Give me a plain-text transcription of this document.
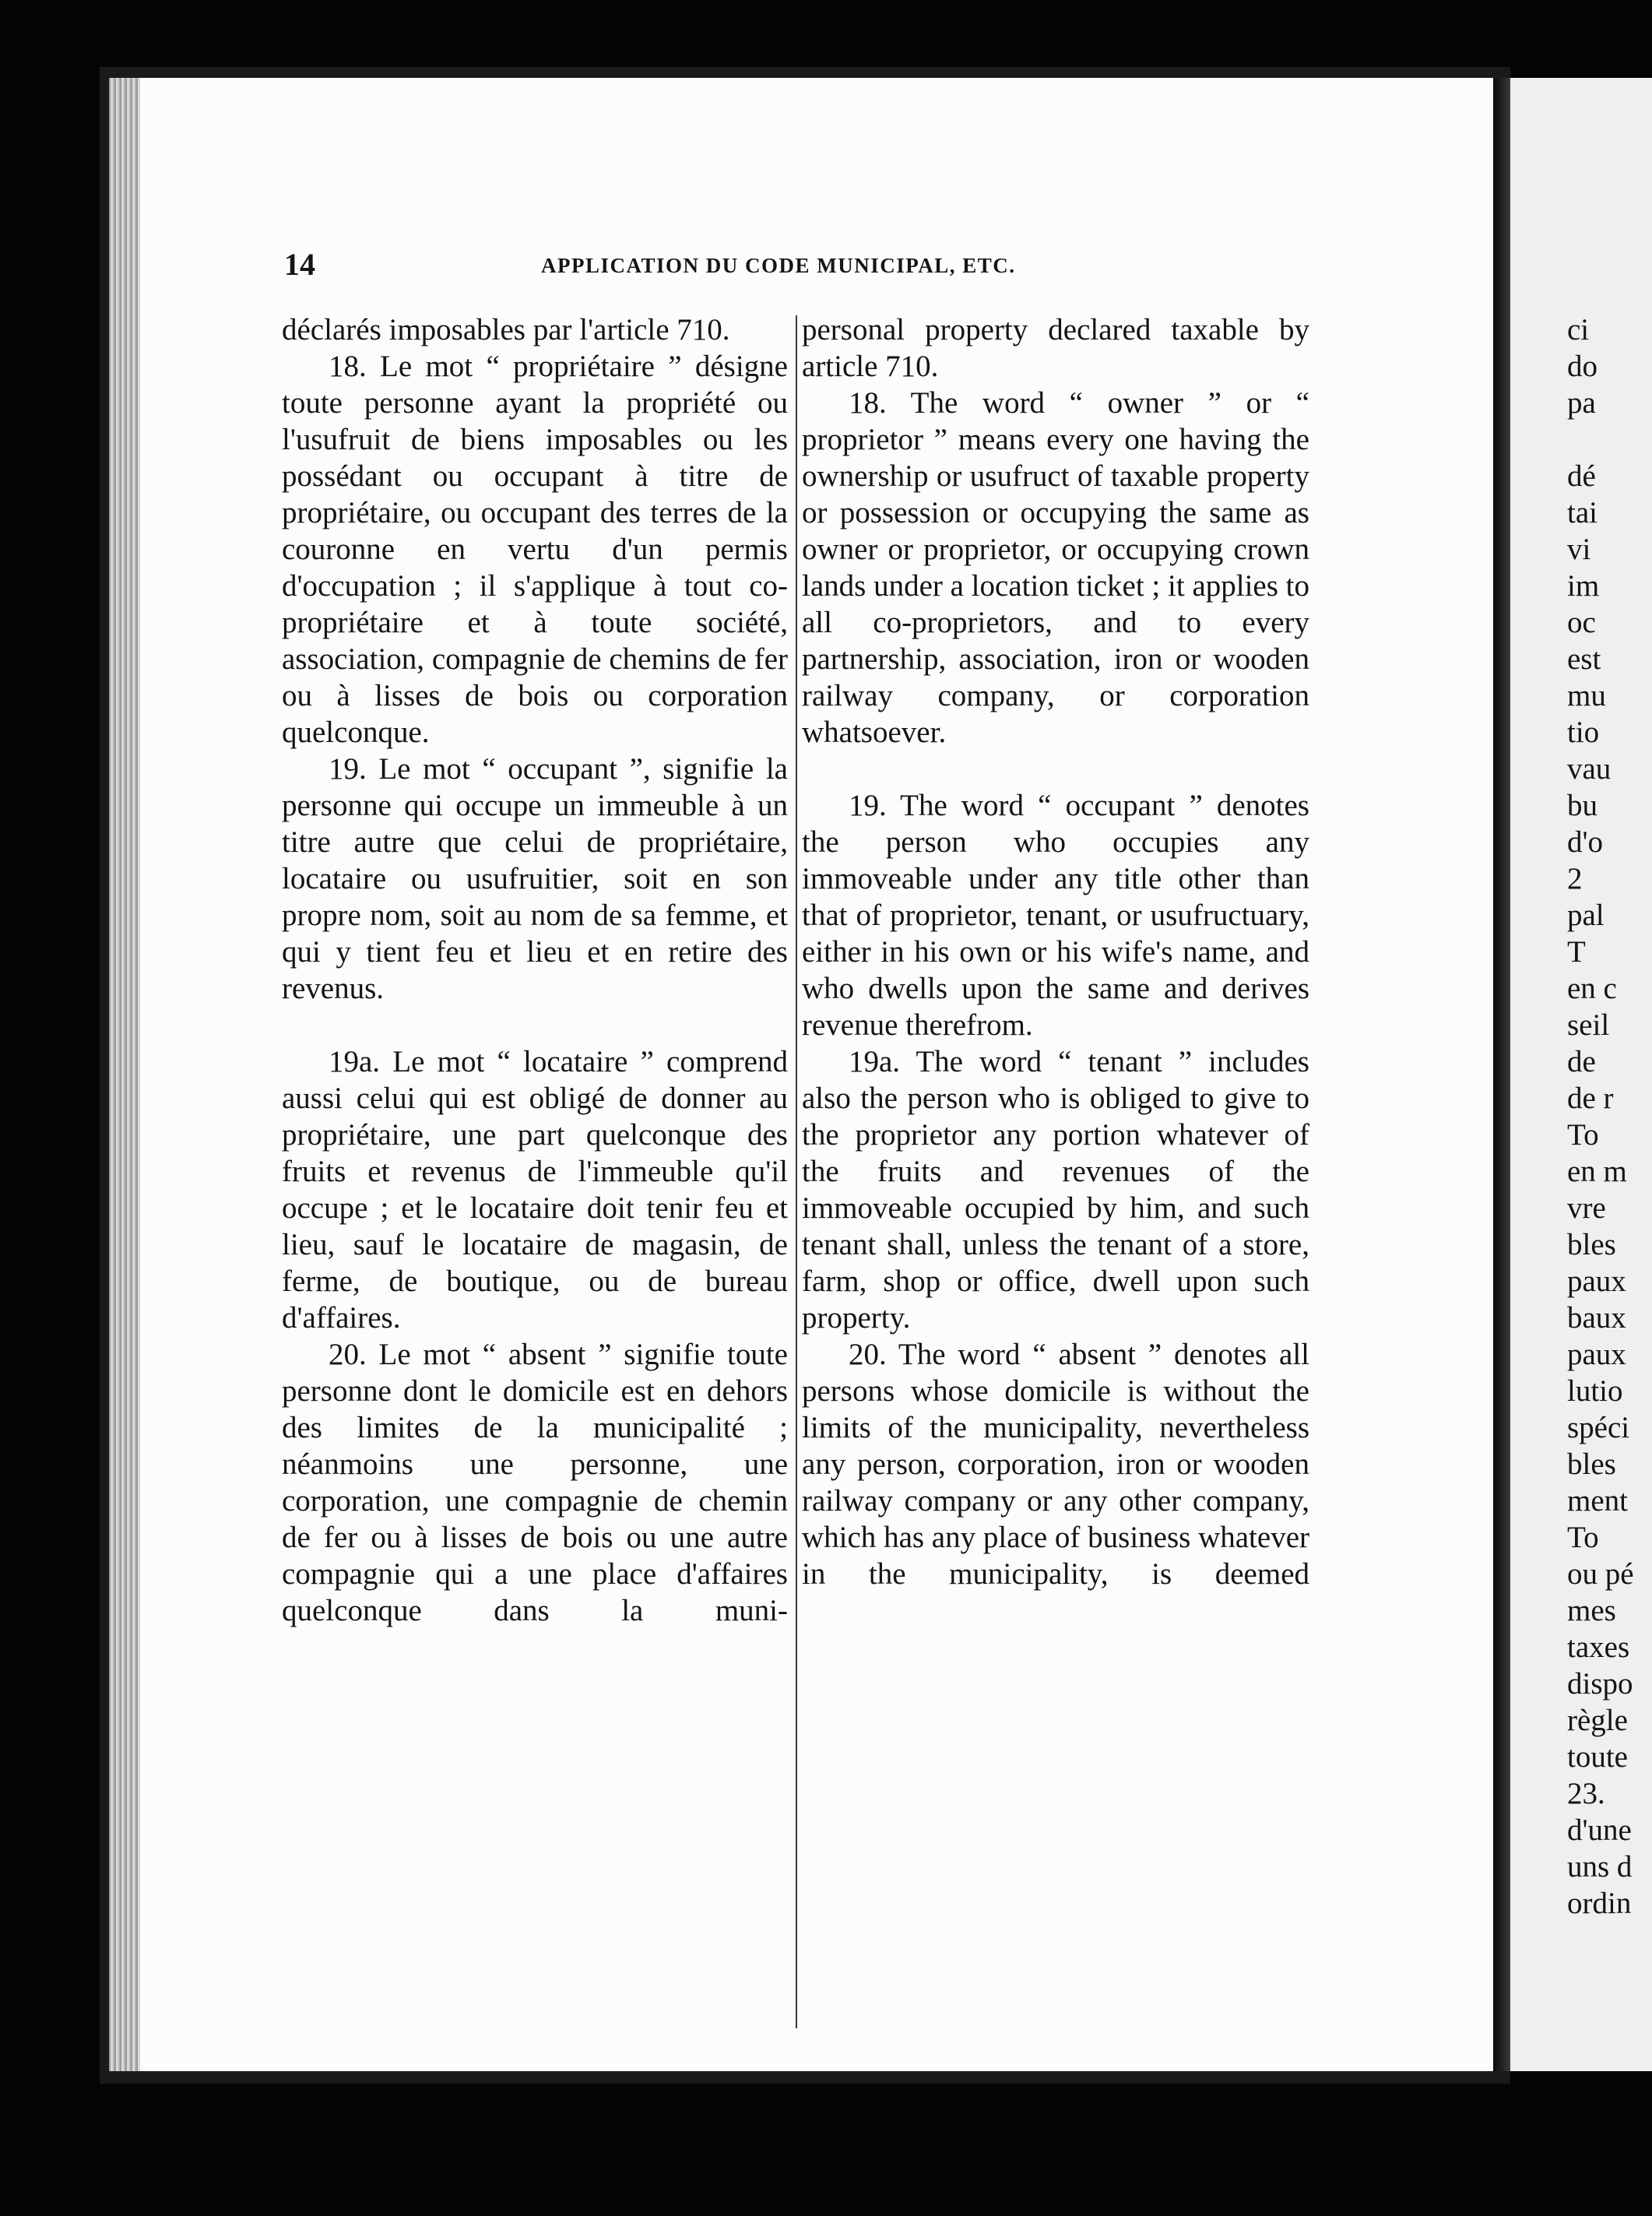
14	APPLICATION DU CODE MUNICIPAL, ETC.

déclarés imposables par l'article 710.

18. Le mot “ propriétaire ” désigne toute personne ayant la propriété ou l'usufruit de biens imposables ou les possédant ou occupant à titre de propriétaire, ou occupant des terres de la couronne en vertu d'un permis d'occupation ; il s'applique à tout co-propriétaire et à toute société, association, compagnie de chemins de fer ou à lisses de bois ou corporation quelconque.

19. Le mot “ occupant ”, signifie la personne qui occupe un immeuble à un titre autre que celui de propriétaire, locataire ou usufruitier, soit en son propre nom, soit au nom de sa femme, et qui y tient feu et lieu et en retire des revenus.

19a. Le mot “ locataire ” comprend aussi celui qui est obligé de donner au propriétaire, une part quelconque des fruits et revenus de l'immeuble qu'il occupe ; et le locataire doit tenir feu et lieu, sauf le locataire de magasin, de ferme, de boutique, ou de bureau d'affaires.

20. Le mot “ absent ” signifie toute personne dont le domicile est en dehors des limites de la municipalité ; néanmoins une personne, une corporation, une compagnie de chemin de fer ou à lisses de bois ou une autre compagnie qui a une place d'affaires quelconque dans la muni-

personal property declared taxable by article 710.

18. The word “ owner ” or “ proprietor ” means every one having the ownership or usufruct of taxable property or possession or occupying the same as owner or proprietor, or occupying crown lands under a location ticket ; it applies to all co-proprietors, and to every partnership, association, iron or wooden railway company, or corporation whatsoever.

19. The word “ occupant ” denotes the person who occupies any immoveable under any title other than that of proprietor, tenant, or usufructuary, either in his own or his wife's name, and who dwells upon the same and derives revenue therefrom.

19a. The word “ tenant ” includes also the person who is obliged to give to the proprietor any portion whatever of the fruits and revenues of the immoveable occupied by him, and such tenant shall, unless the tenant of a store, farm, shop or office, dwell upon such property.

20. The word “ absent ” denotes all persons whose domicile is without the limits of the municipality, nevertheless any person, corporation, iron or wooden railway company or any other company, which has any place of business whatever in the municipality, is deemed

ci
do
pa
dé
tai
vi
im
oc
est
mu
tio
vau
bu
d'o
2
pal
T
en c
seil
de
de r
To
en m
vre
bles
paux
baux
paux
lutio
spéci
bles
ment
To
ou pé
mes
taxes
dispo
règle
toute
23.
d'une
uns d
ordin
